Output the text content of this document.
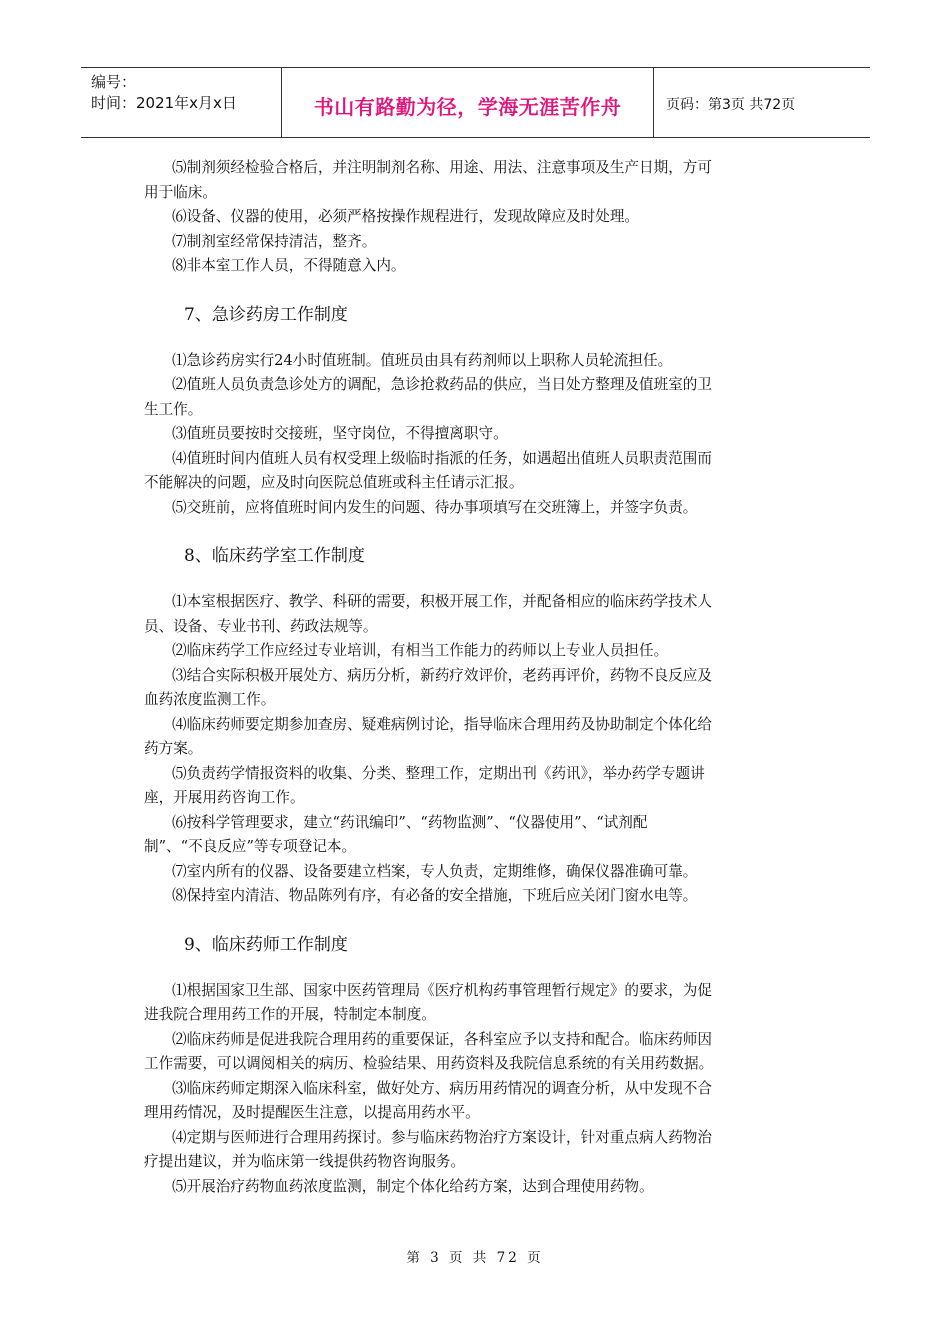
编号：
时间：2021年x月x日	书山有路勤为径，学海无涯苦作舟	页码：第3页 共72页

⑸制剂须经检验合格后，并注明制剂名称、用途、用法、注意事项及生产日期，方可

用于临床。

⑹设备、仪器的使用，必须严格按操作规程进行，发现故障应及时处理。

⑺制剂室经常保持清洁，整齐。

⑻非本室工作人员，不得随意入内。

7、急诊药房工作制度

⑴急诊药房实行24小时值班制。值班员由具有药剂师以上职称人员轮流担任。

⑵值班人员负责急诊处方的调配，急诊抢救药品的供应，当日处方整理及值班室的卫

生工作。

⑶值班员要按时交接班，坚守岗位，不得擅离职守。

⑷值班时间内值班人员有权受理上级临时指派的任务，如遇超出值班人员职责范围而

不能解决的问题，应及时向医院总值班或科主任请示汇报。

⑸交班前，应将值班时间内发生的问题、待办事项填写在交班簿上，并签字负责。

8、临床药学室工作制度

⑴本室根据医疗、教学、科研的需要，积极开展工作，并配备相应的临床药学技术人

员、设备、专业书刊、药政法规等。

⑵临床药学工作应经过专业培训，有相当工作能力的药师以上专业人员担任。

⑶结合实际积极开展处方、病历分析，新药疗效评价，老药再评价，药物不良反应及

血药浓度监测工作。

⑷临床药师要定期参加查房、疑难病例讨论，指导临床合理用药及协助制定个体化给

药方案。

⑸负责药学情报资料的收集、分类、整理工作，定期出刊《药讯》，举办药学专题讲

座，开展用药咨询工作。

⑹按科学管理要求，建立“药讯编印”、“药物监测”、“仪器使用”、“试剂配

制”、“不良反应”等专项登记本。

⑺室内所有的仪器、设备要建立档案，专人负责，定期维修，确保仪器准确可靠。

⑻保持室内清洁、物品陈列有序，有必备的安全措施，下班后应关闭门窗水电等。

9、临床药师工作制度

⑴根据国家卫生部、国家中医药管理局《医疗机构药事管理暂行规定》的要求，为促

进我院合理用药工作的开展，特制定本制度。

⑵临床药师是促进我院合理用药的重要保证，各科室应予以支持和配合。临床药师因

工作需要，可以调阅相关的病历、检验结果、用药资料及我院信息系统的有关用药数据。

⑶临床药师定期深入临床科室，做好处方、病历用药情况的调查分析，从中发现不合

理用药情况，及时提醒医生注意，以提高用药水平。

⑷定期与医师进行合理用药探讨。参与临床药物治疗方案设计，针对重点病人药物治

疗提出建议，并为临床第一线提供药物咨询服务。

⑸开展治疗药物血药浓度监测，制定个体化给药方案，达到合理使用药物。

第 3 页 共 72 页
